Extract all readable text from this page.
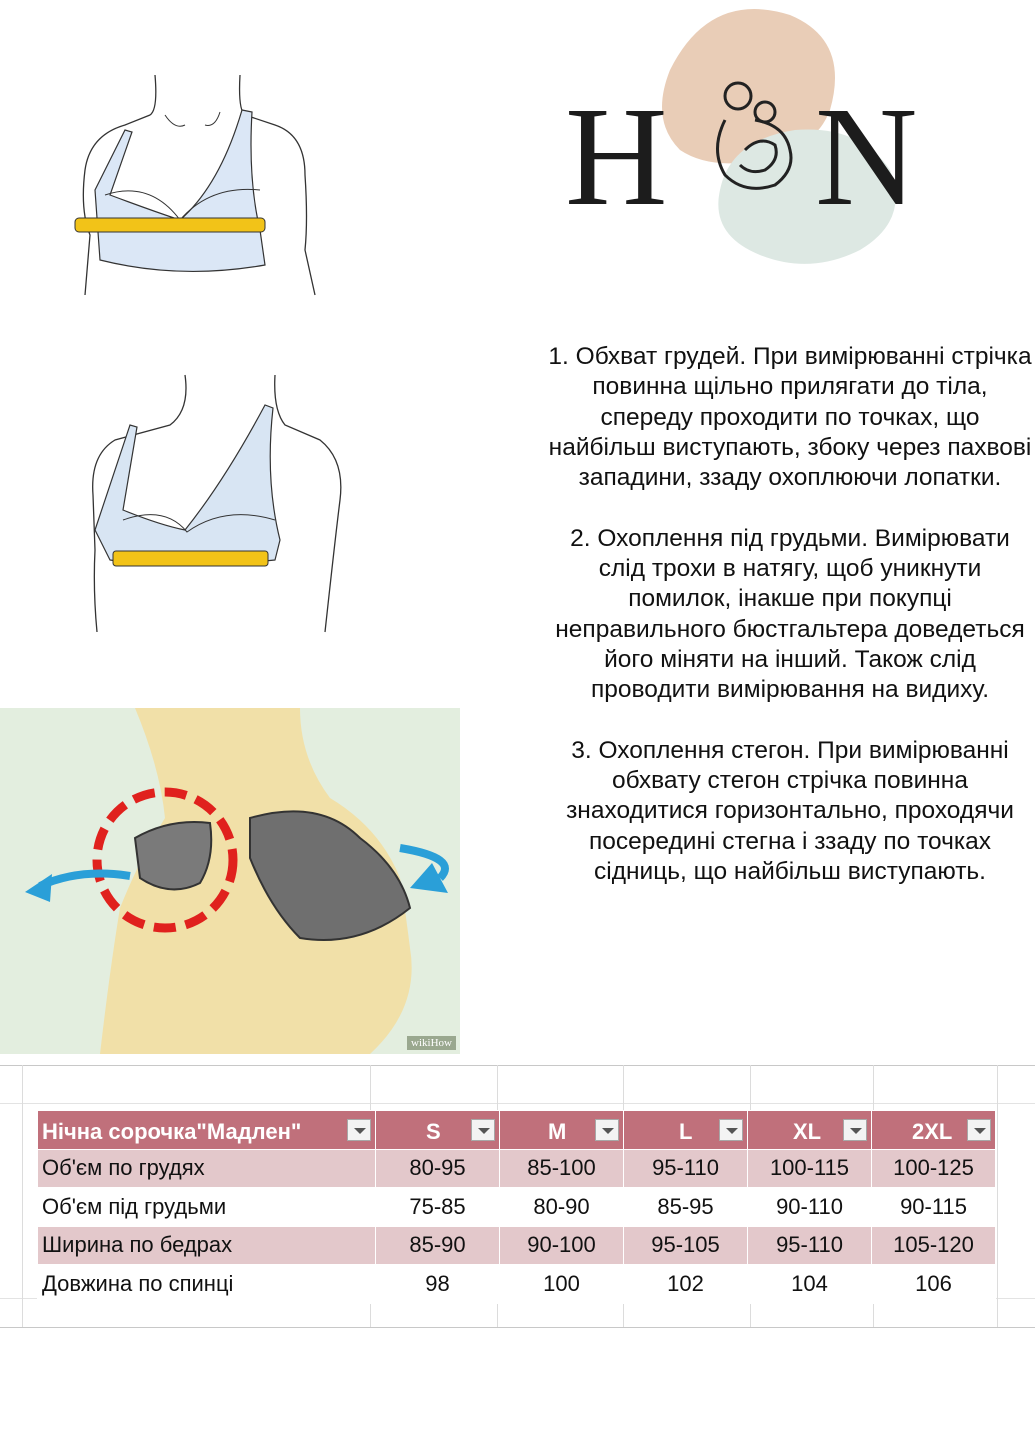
wikiHow
H N

1. Обхват грудей. При вимірюванні стрічка повинна щільно прилягати до тіла, спереду проходити по точках, що найбільш виступають, збоку через пахвові западини, ззаду охоплюючи лопатки.

2. Охоплення під грудьми. Вимірювати слід трохи в натягу, щоб уникнути помилок, інакше при покупці неправильного бюстгальтера доведеться його міняти на інший. Також слід проводити вимірювання на видиху.

3. Охоплення стегон. При вимірюванні обхвату стегон стрічка повинна знаходитися горизонтально, проходячи посередині стегна і ззаду по точках сідниць, що найбільш виступають.

Нічна сорочка"Мадлен"	S	M	L	XL	2XL

Об'єм по грудях	80-95	85-100	95-110	100-115	100-125
Об'єм під грудьми	75-85	80-90	85-95	90-110	90-115
Ширина по бедрах	85-90	90-100	95-105	95-110	105-120
Довжина по спинці	98	100	102	104	106
